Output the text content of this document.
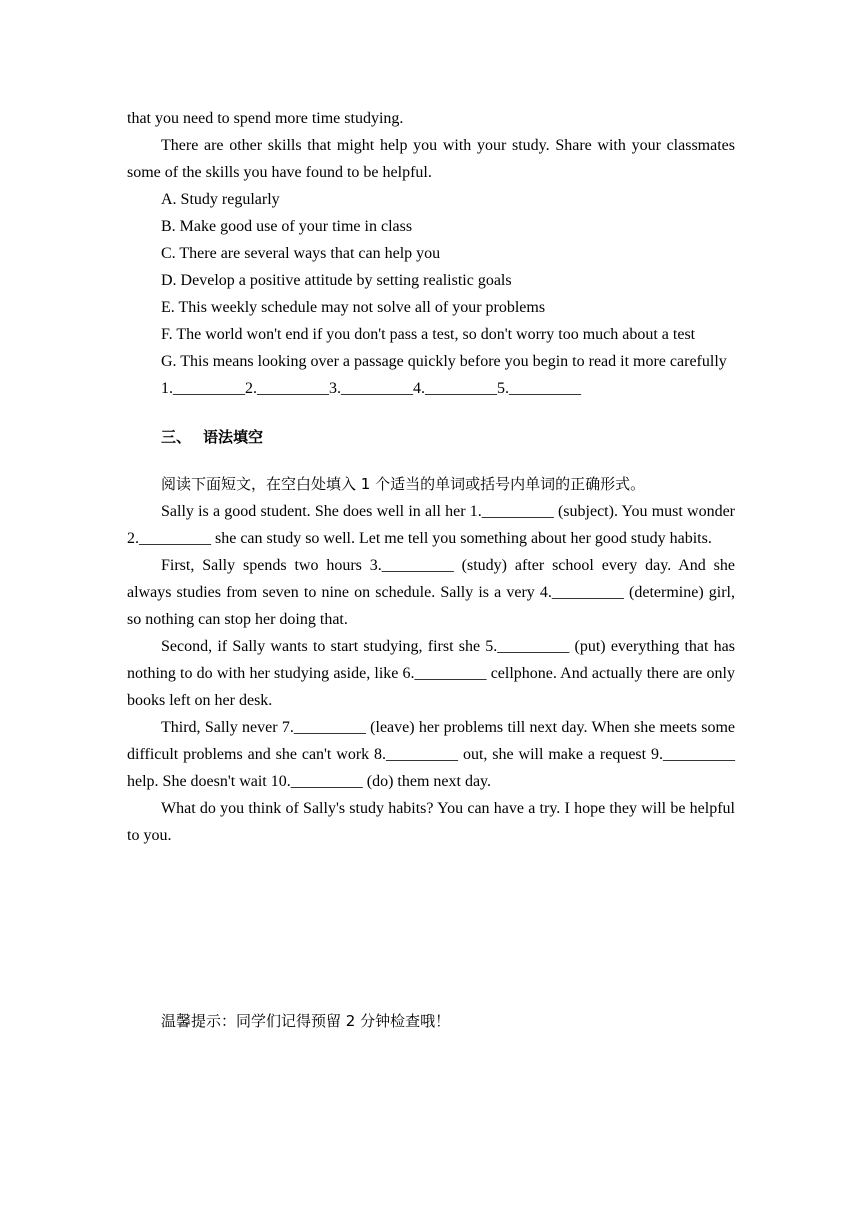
that you need to spend more time studying.

There are other skills that might help you with your study. Share with your classmates some of the skills you have found to be helpful.

A. Study regularly

B. Make good use of your time in class

C. There are several ways that can help you

D. Develop a positive attitude by setting realistic goals

E. This weekly schedule may not solve all of your problems

F. The world won't end if you don't pass a test, so don't worry too much about a test

G. This means looking over a passage quickly before you begin to read it more carefully

1._________2._________3._________4._________5._________

三、 语法填空
阅读下面短文，在空白处填入 1 个适当的单词或括号内单词的正确形式。

Sally is a good student. She does well in all her 1._________ (subject). You must wonder 2._________ she can study so well. Let me tell you something about her good study habits.

First, Sally spends two hours 3._________ (study) after school every day. And she always studies from seven to nine on schedule. Sally is a very 4._________ (determine) girl, so nothing can stop her doing that.

Second, if Sally wants to start studying, first she 5._________ (put) everything that has nothing to do with her studying aside, like 6._________ cellphone. And actually there are only books left on her desk.

Third, Sally never 7._________ (leave) her problems till next day. When she meets some difficult problems and she can't work 8._________ out, she will make a request 9._________ help. She doesn't wait 10._________ (do) them next day.

What do you think of Sally's study habits? You can have a try. I hope they will be helpful to you.

温馨提示：同学们记得预留 2 分钟检查哦！
